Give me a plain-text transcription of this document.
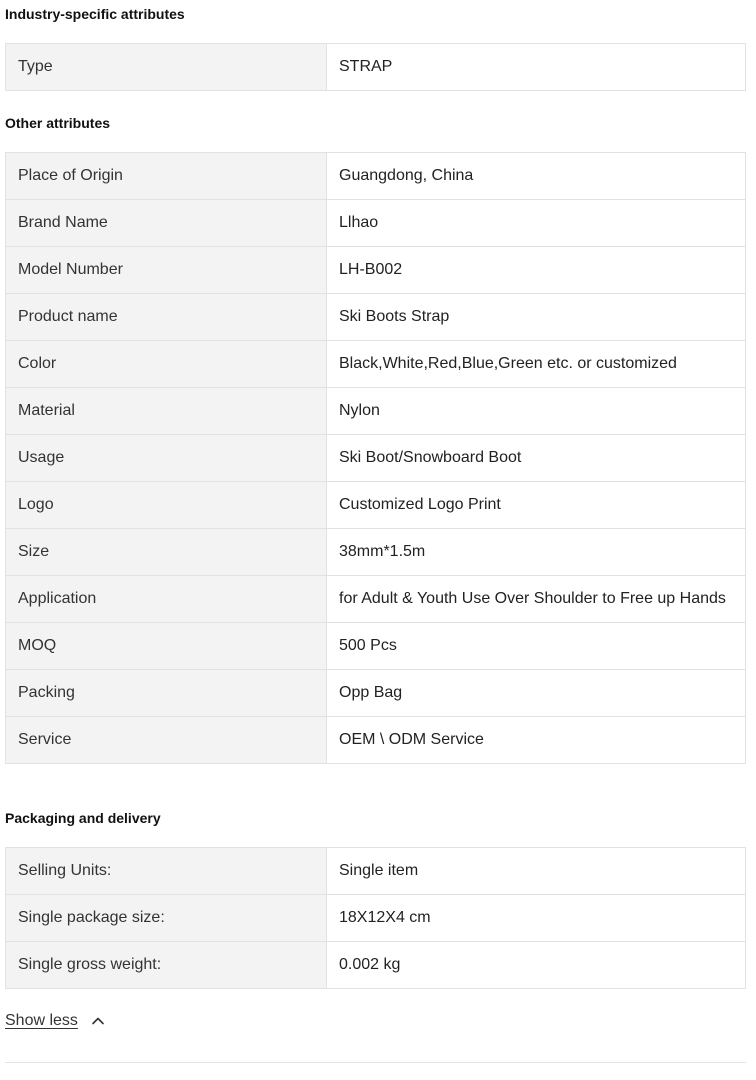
Industry-specific attributes
Type	STRAP
Other attributes
Place of Origin	Guangdong, China
Brand Name	Llhao
Model Number	LH-B002
Product name	Ski Boots Strap
Color	Black,White,Red,Blue,Green etc. or customized
Material	Nylon
Usage	Ski Boot/Snowboard Boot
Logo	Customized Logo Print
Size	38mm*1.5m
Application	for Adult & Youth Use Over Shoulder to Free up Hands
MOQ	500 Pcs
Packing	Opp Bag
Service	OEM \ ODM Service
Packaging and delivery
Selling Units:	Single item
Single package size:	18X12X4 cm
Single gross weight:	0.002 kg
Show less
